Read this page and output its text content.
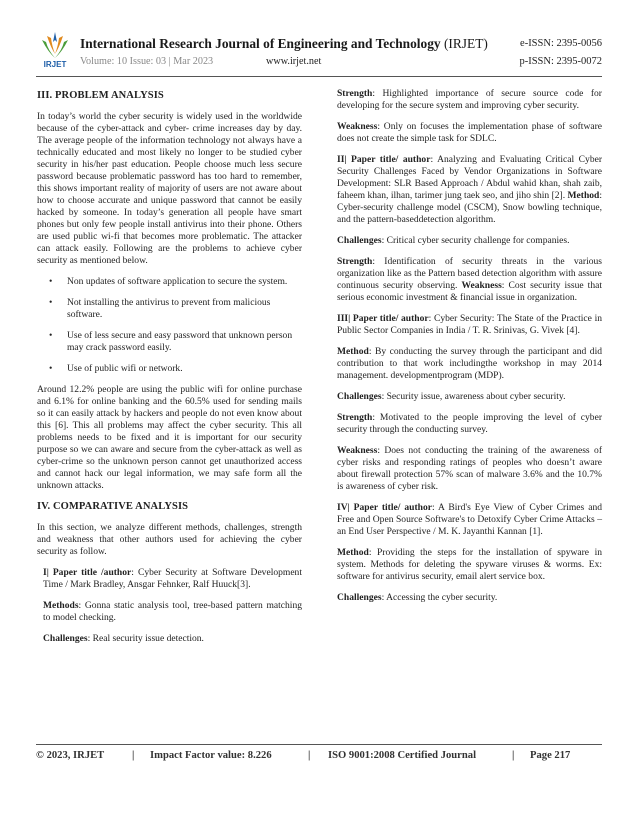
IRJET
International Research Journal of Engineering and Technology (IRJET)	e-ISSN: 2395-0056
Volume: 10 Issue: 03 | Mar 2023	www.irjet.net	p-ISSN: 2395-0072
III. PROBLEM ANALYSIS

In today’s world the cyber security is widely used in the worldwide because of the cyber-attack and cyber- crime increases day by day. The average people of the information technology not always have a technically educated and most likely no longer to be studied cyber security in his/her past education. People choose much less secure password because problematic password has too hard to remember, this shows important reality of majority of users are not aware about how to choose accurate and unique password that cannot be easily hacked by someone. In today’s generation all people have smart phones but only few people install antivirus into their phone. Others are used public wi-fi that becomes more problematic. The attacker can attack easily. Following are the problems to achieve cyber security as mentioned below.

• Non updates of software application to secure the system.
• Not installing the antivirus to prevent from malicious software.
• Use of less secure and easy password that unknown person may crack password easily.
• Use of public wifi or network.

Around 12.2% people are using the public wifi for online purchase and 6.1% for online banking and the 60.5% used for sending mails so it can easily attack by hackers and people do not even know about this [6]. This all problems may affect the cyber security. This all problems needs to be fixed and it is important for our security purpose so we can aware and secure from the cyber-attack as well as cyber-crime so the unknown person cannot get unauthorized access and cannot hack our legal information, we may safe form all the unknown attacks.

IV. COMPARATIVE ANALYSIS

In this section, we analyze different methods, challenges, strength and weakness that other authors used for achieving the cyber security as follow.

I| Paper title /author: Cyber Security at Software Development Time / Mark Bradley, Ansgar Fehnker, Ralf Huuck[3].

Methods: Gonna static analysis tool, tree-based pattern matching to model checking.

Challenges: Real security issue detection.

Strength: Highlighted importance of secure source code for developing for the secure system and improving cyber security.

Weakness: Only on focuses the implementation phase of software does not create the simple task for SDLC.

II| Paper title/ author: Analyzing and Evaluating Critical Cyber Security Challenges Faced by Vendor Organizations in Software Development: SLR Based Approach / Abdul wahid khan, shah zaib, faheem khan, ilhan, tarimer jung taek seo, and jiho shin [2]. Method: Cyber-security challenge model (CSCM), Snow bowling technique, and the pattern-baseddetection algorithm.

Challenges: Critical cyber security challenge for companies.

Strength: Identification of security threats in the various organization like as the Pattern based detection algorithm with assure continuous security observing. Weakness: Cost security issue that serious economic investment & financial issue in organization.

III| Paper title/ author: Cyber Security: The State of the Practice in Public Sector Companies in India / T. R. Srinivas, G. Vivek [4].

Method: By conducting the survey through the participant and did contribution to that work includingthe workshop in may 2014 management. developmentprogram (MDP).

Challenges: Security issue, awareness about cyber security.

Strength: Motivated to the people improving the level of cyber security through the conducting survey.

Weakness: Does not conducting the training of the awareness of cyber risks and responding ratings of peoples who doesn’t aware about firewall protection 57% scan of malware 3.6% and the 10.7% is awareness of cyber risk.

IV| Paper title/ author: A Bird's Eye View of Cyber Crimes and Free and Open Source Software's to Detoxify Cyber Crime Attacks – an End User Perspective / M. K. Jayanthi Kannan [1].

Method: Providing the steps for the installation of spyware in system. Methods for deleting the spyware viruses & worms. Ex: software for antivirus security, email alert service box.

Challenges: Accessing the cyber security.

© 2023, IRJET	| Impact Factor value: 8.226	| ISO 9001:2008 Certified Journal	| Page 217
